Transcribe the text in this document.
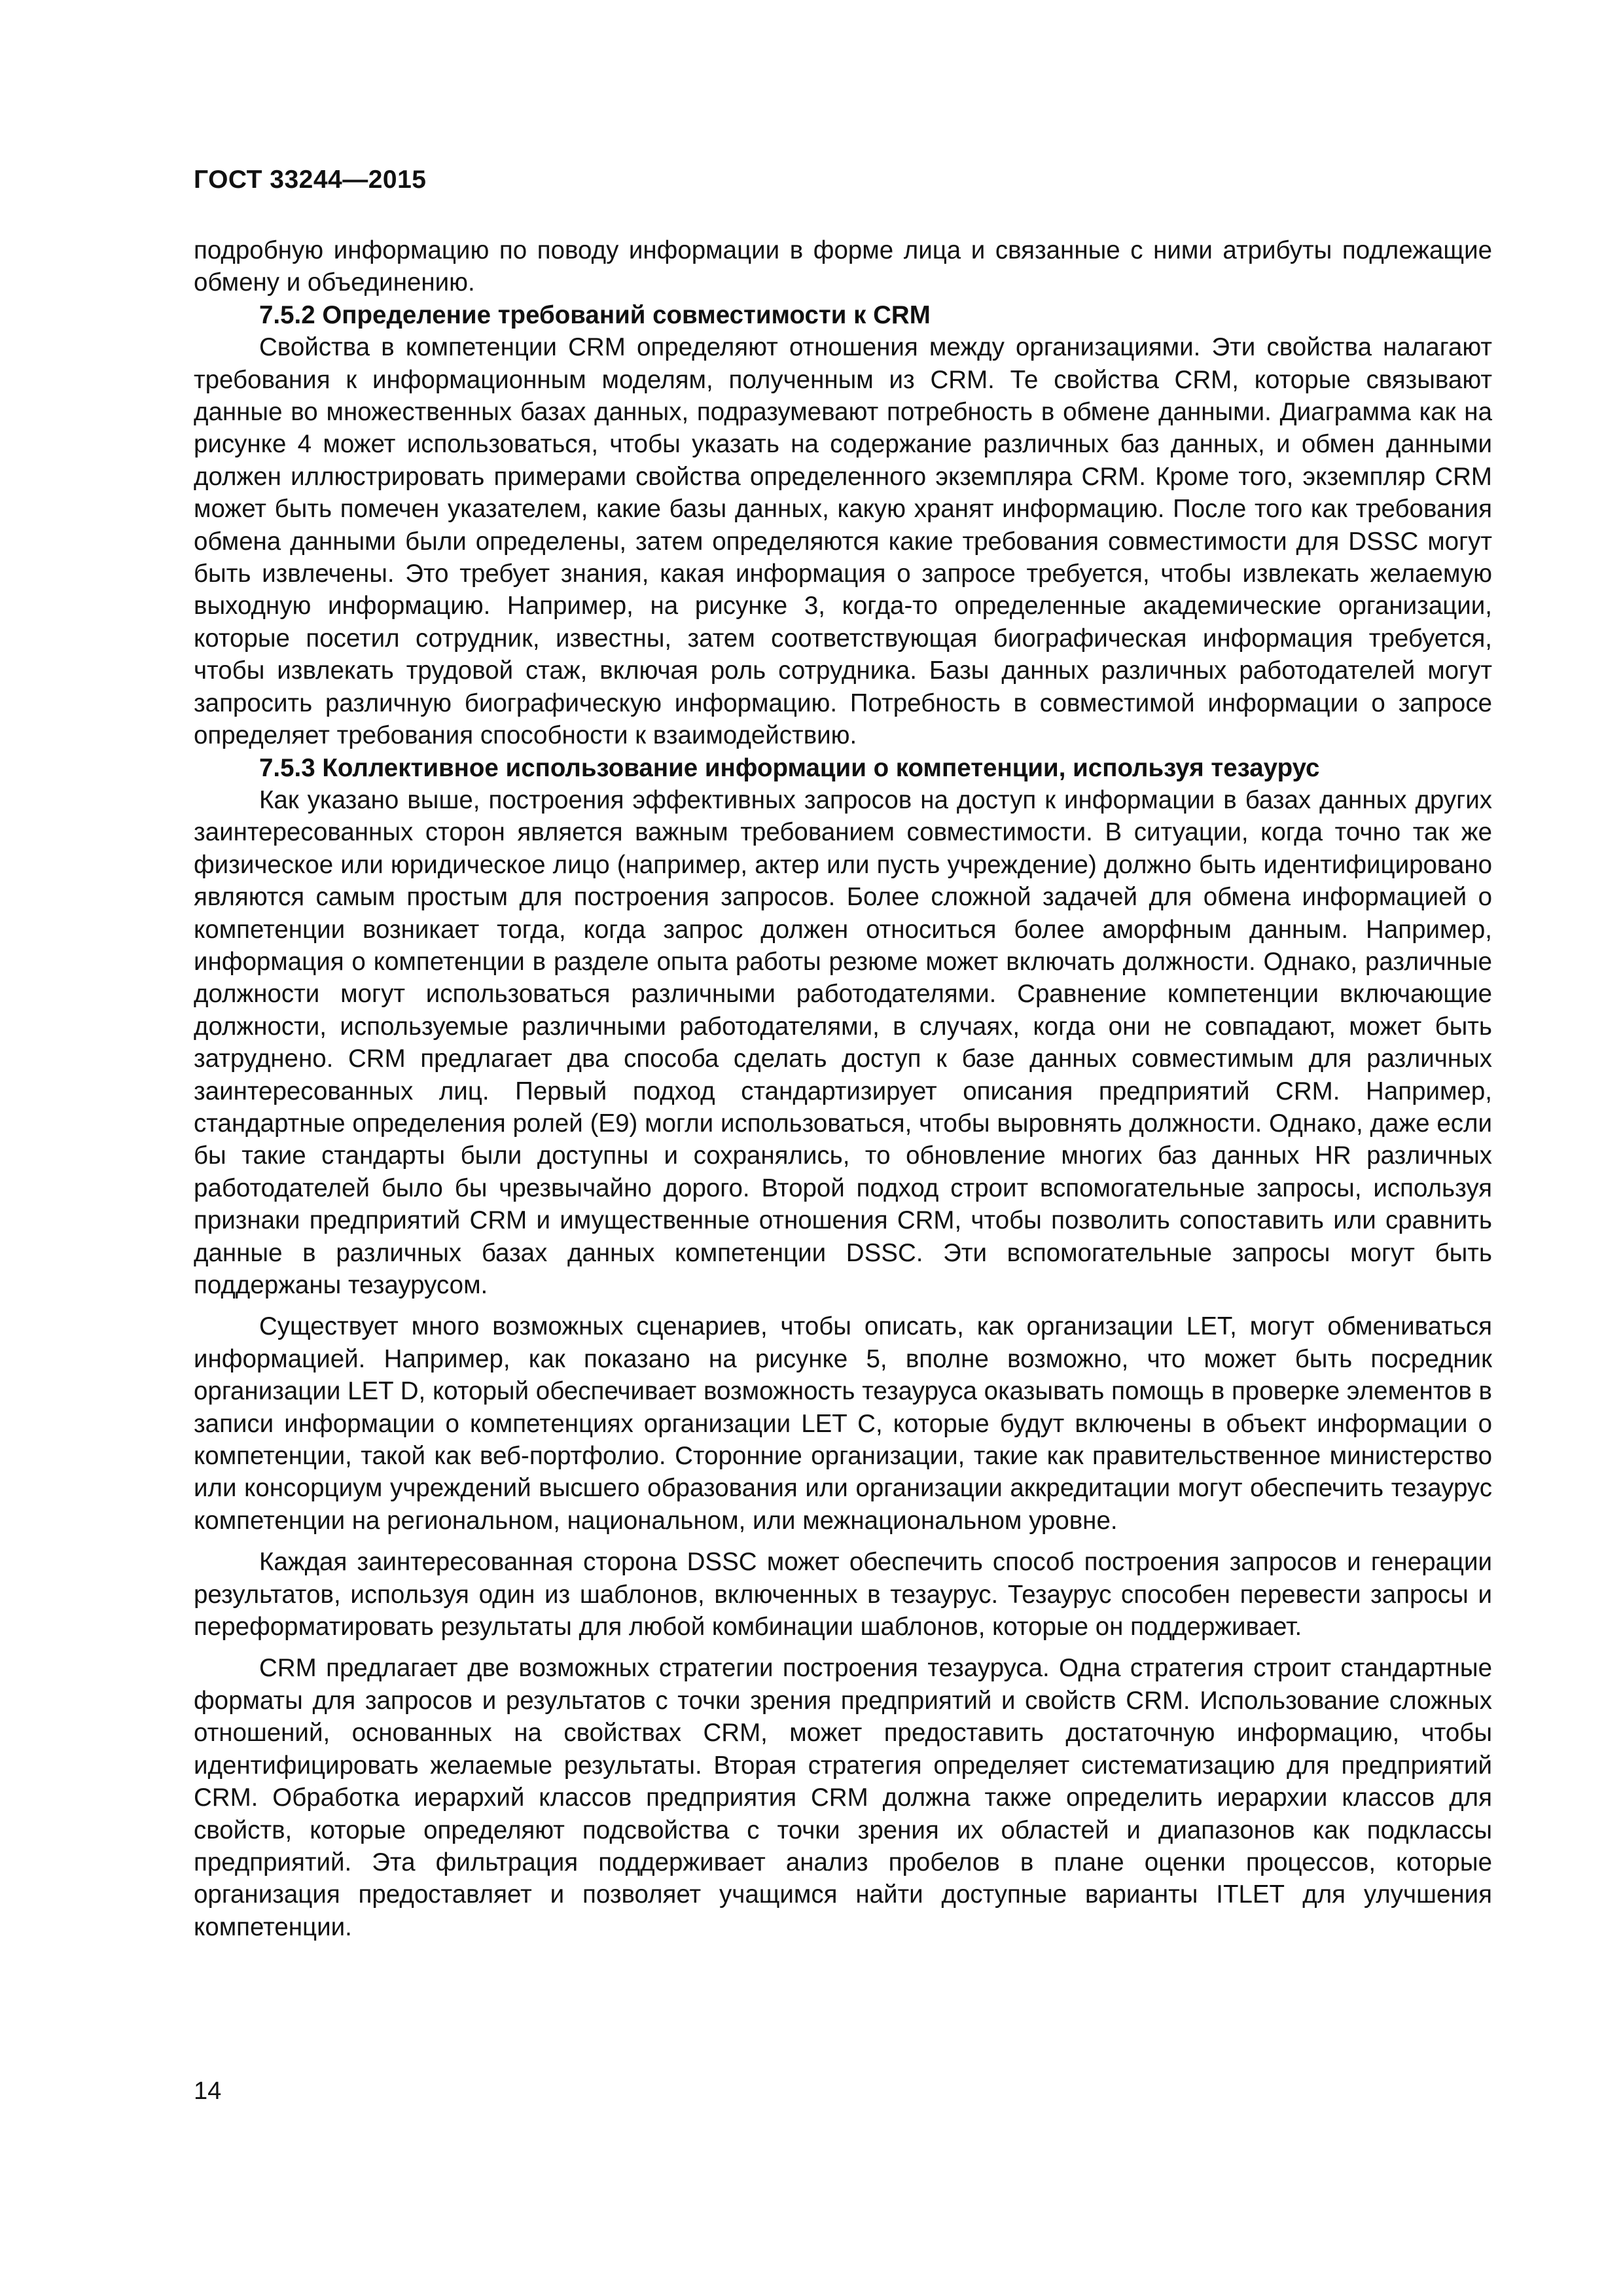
ГОСТ 33244—2015

подробную информацию по поводу информации в форме лица и связанные с ними атрибуты подлежащие обмену и объединению.

7.5.2 Определение требований совместимости к CRM

Свойства в компетенции CRM определяют отношения между организациями. Эти свойства налагают требования к информационным моделям, полученным из CRM. Те свойства CRM, которые связывают данные во множественных базах данных, подразумевают потребность в обмене данными. Диаграмма как на рисунке 4 может использоваться, чтобы указать на содержание различных баз данных, и обмен данными должен иллюстрировать примерами свойства определенного экземпляра CRM. Кроме того, экземпляр CRM может быть помечен указателем, какие базы данных, какую хранят информацию. После того как требования обмена данными были определены, затем определяются какие требования совместимости для DSSC могут быть извлечены. Это требует знания, какая информация о запросе требуется, чтобы извлекать желаемую выходную информацию. Например, на рисунке 3, когда-то определенные академические организации, которые посетил сотрудник, известны, затем соответствующая биографическая информация требуется, чтобы извлекать трудовой стаж, включая роль сотрудника. Базы данных различных работодателей могут запросить различную биографическую информацию. Потребность в совместимой информации о запросе определяет требования способности к взаимодействию.

7.5.3 Коллективное использование информации о компетенции, используя тезаурус

Как указано выше, построения эффективных запросов на доступ к информации в базах данных других заинтересованных сторон является важным требованием совместимости. В ситуации, когда точно так же физическое или юридическое лицо (например, актер или пусть учреждение) должно быть идентифицировано являются самым простым для построения запросов. Более сложной задачей для обмена информацией о компетенции возникает тогда, когда запрос должен относиться более аморфным данным. Например, информация о компетенции в разделе опыта работы резюме может включать должности. Однако, различные должности могут использоваться различными работодателями. Сравнение компетенции включающие должности, используемые различными работодателями, в случаях, когда они не совпадают, может быть затруднено. CRM предлагает два способа сделать доступ к базе данных совместимым для различных заинтересованных лиц. Первый подход стандартизирует описания предприятий CRM. Например, стандартные определения ролей (E9) могли использоваться, чтобы выровнять должности. Однако, даже если бы такие стандарты были доступны и сохранялись, то обновление многих баз данных HR различных работодателей было бы чрезвычайно дорого. Второй подход строит вспомогательные запросы, используя признаки предприятий CRM и имущественные отношения CRM, чтобы позволить сопоставить или сравнить данные в различных базах данных компетенции DSSC. Эти вспомогательные запросы могут быть поддержаны тезаурусом.

Существует много возможных сценариев, чтобы описать, как организации LET, могут обмениваться информацией. Например, как показано на рисунке 5, вполне возможно, что может быть посредник организации LET D, который обеспечивает возможность тезауруса оказывать помощь в проверке элементов в записи информации о компетенциях организации LET C, которые будут включены в объект информации о компетенции, такой как веб-портфолио. Сторонние организации, такие как правительственное министерство или консорциум учреждений высшего образования или организации аккредитации могут обеспечить тезаурус компетенции на региональном, национальном, или межнациональном уровне.

Каждая заинтересованная сторона DSSC может обеспечить способ построения запросов и генерации результатов, используя один из шаблонов, включенных в тезаурус. Тезаурус способен перевести запросы и переформатировать результаты для любой комбинации шаблонов, которые он поддерживает.

CRM предлагает две возможных стратегии построения тезауруса. Одна стратегия строит стандартные форматы для запросов и результатов с точки зрения предприятий и свойств CRM. Использование сложных отношений, основанных на свойствах CRM, может предоставить достаточную информацию, чтобы идентифицировать желаемые результаты. Вторая стратегия определяет систематизацию для предприятий CRM. Обработка иерархий классов предприятия CRM должна также определить иерархии классов для свойств, которые определяют подсвойства с точки зрения их областей и диапазонов как подклассы предприятий. Эта фильтрация поддерживает анализ пробелов в плане оценки процессов, которые организация предоставляет и позволяет учащимся найти доступные варианты ITLET для улучшения компетенции.

14
